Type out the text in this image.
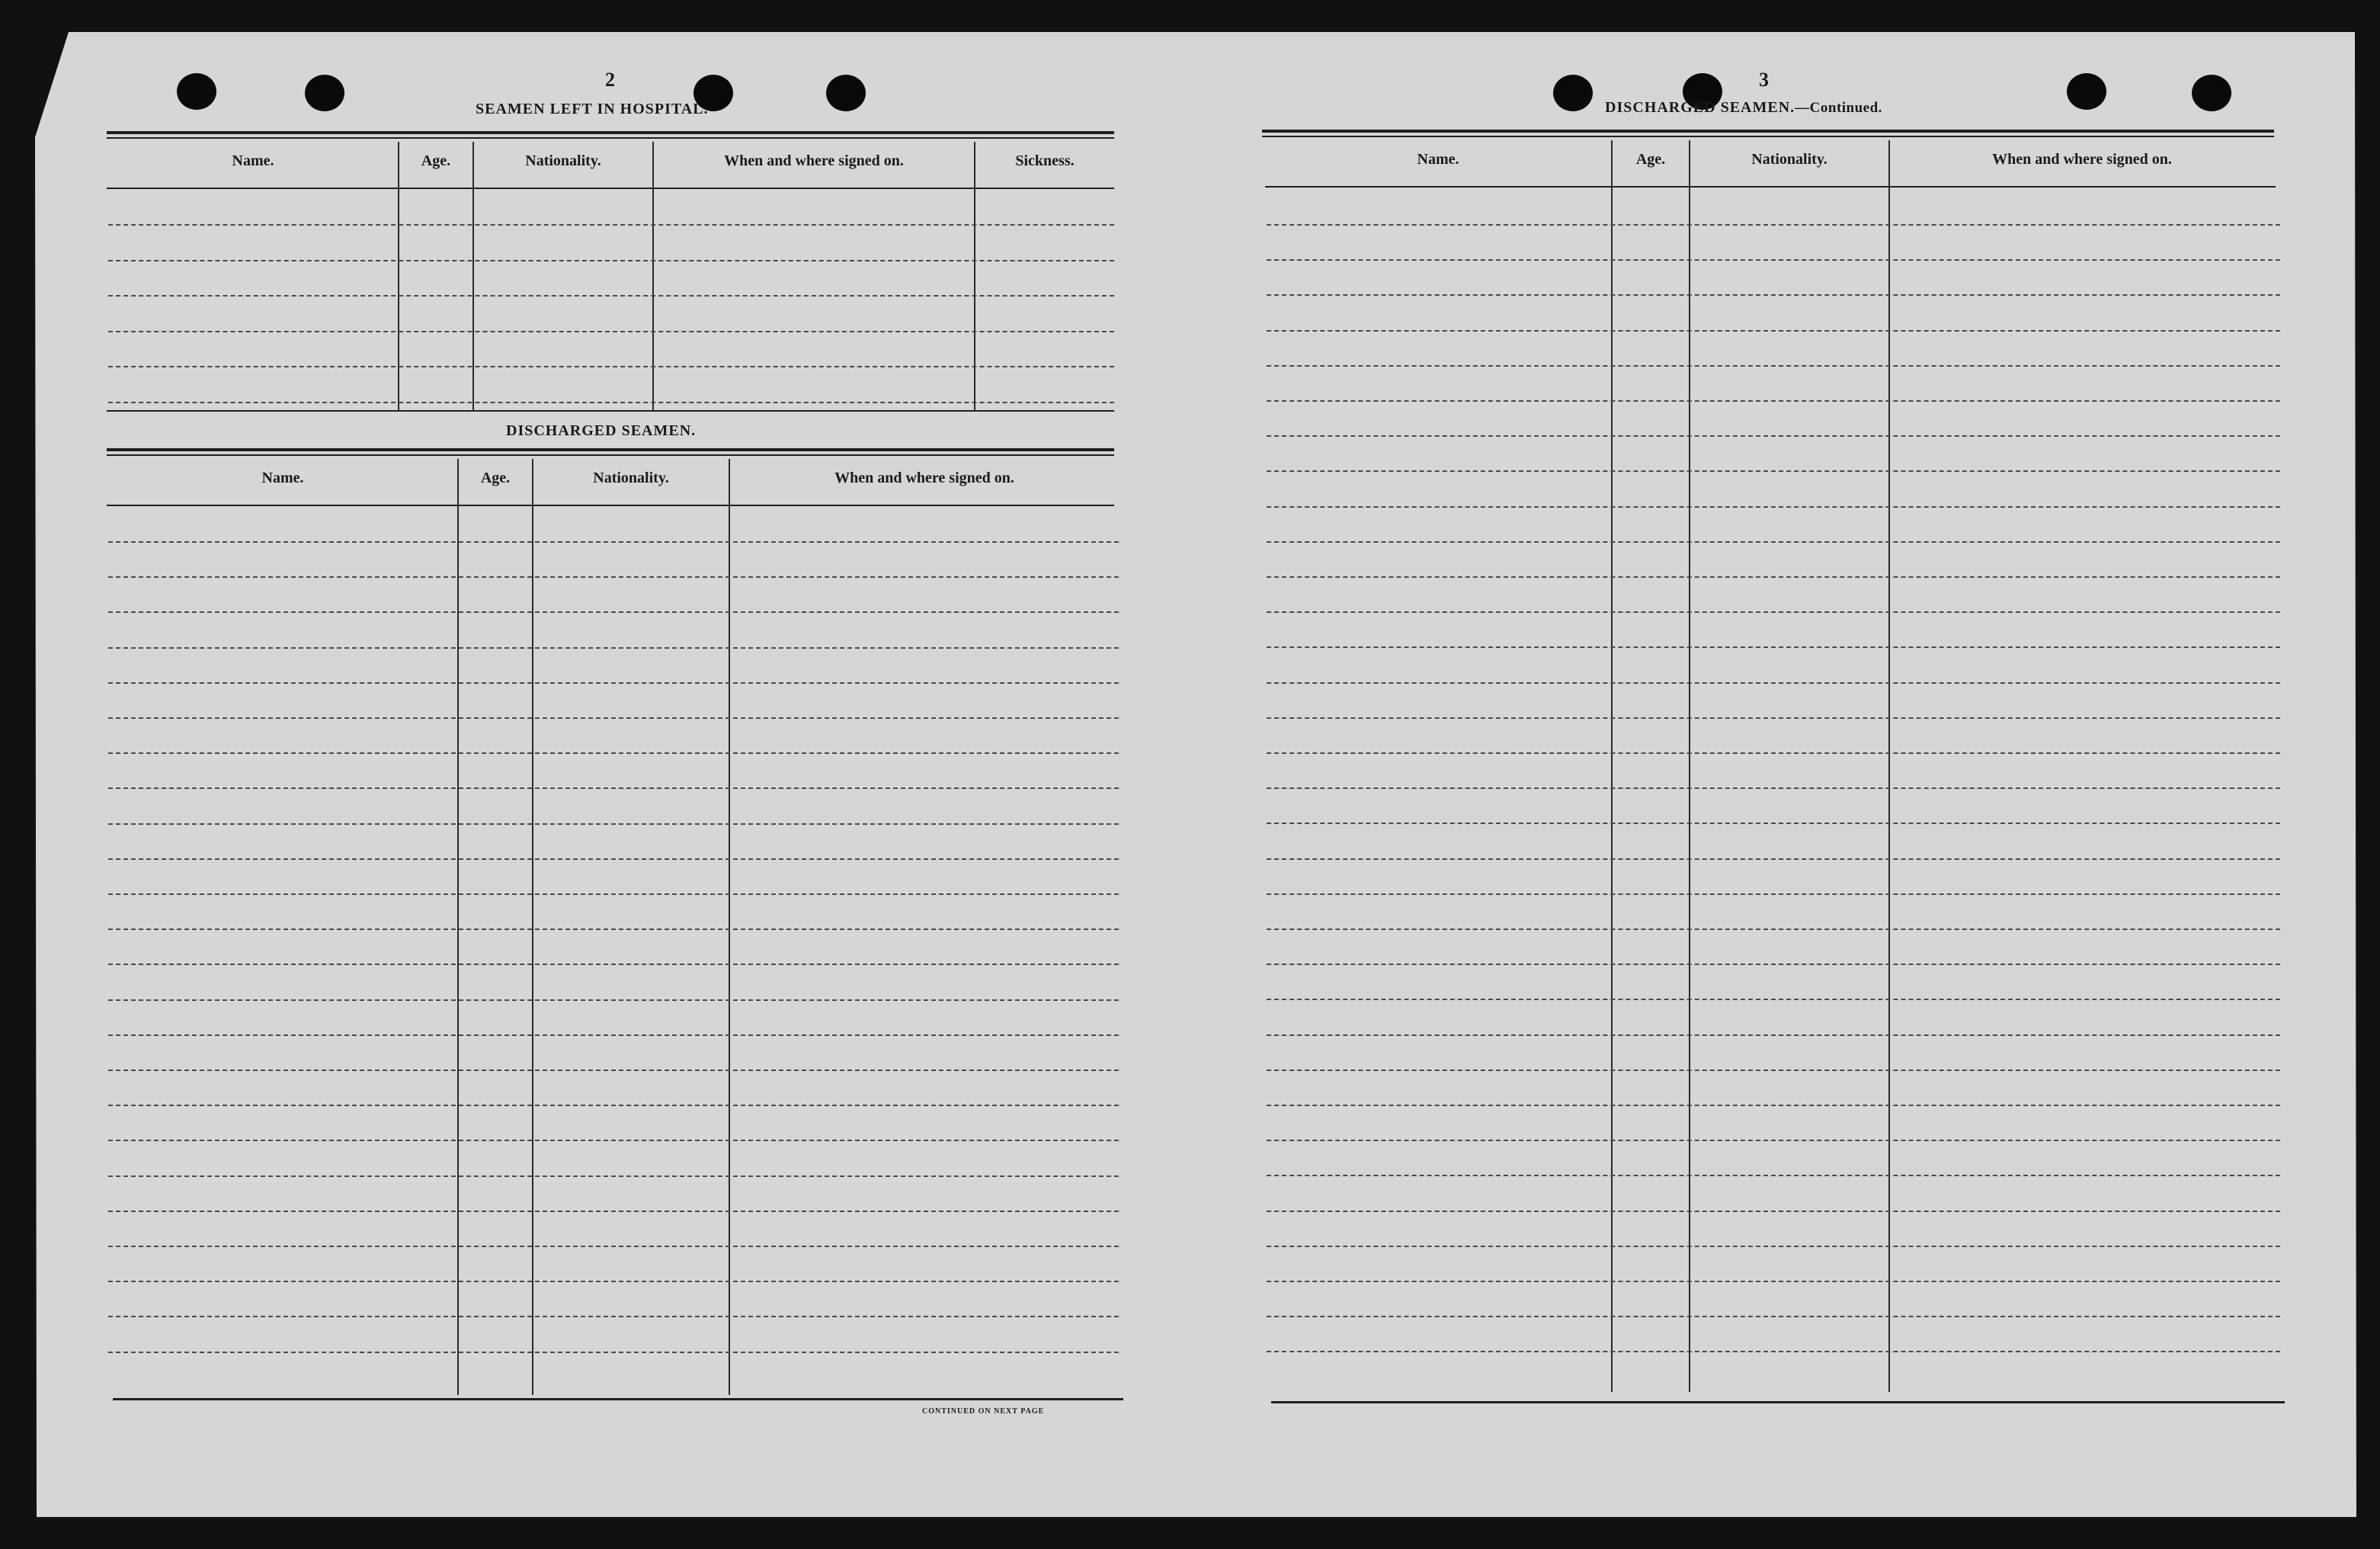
2
SEAMEN LEFT IN HOSPITAL.
Name.	Age.	Nationality.	When and where signed on.	Sickness.
DISCHARGED SEAMEN.
Name.	Age.	Nationality.	When and where signed on.
CONTINUED ON NEXT PAGE
3
DISCHARGED SEAMEN.—Continued.
Name.	Age.	Nationality.	When and where signed on.
